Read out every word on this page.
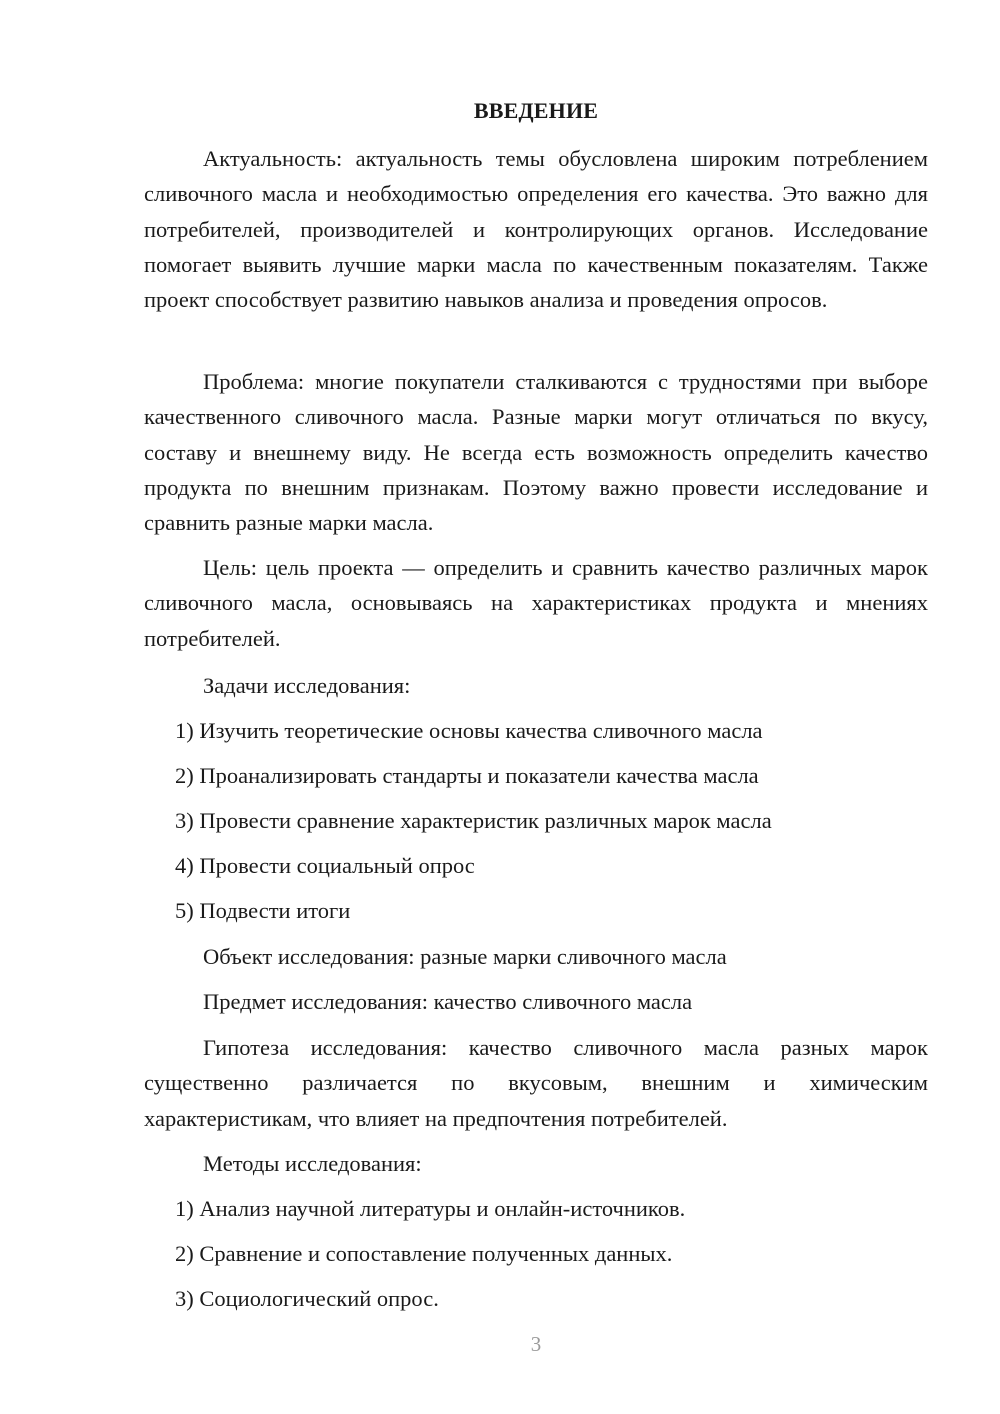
ВВЕДЕНИЕ

Актуальность: актуальность темы обусловлена широким потреблением сливочного масла и необходимостью определения его качества. Это важно для потребителей, производителей и контролирующих органов. Исследование помогает выявить лучшие марки масла по качественным показателям. Также проект способствует развитию навыков анализа и проведения опросов.

Проблема: многие покупатели сталкиваются с трудностями при выборе качественного сливочного масла. Разные марки могут отличаться по вкусу, составу и внешнему виду. Не всегда есть возможность определить качество продукта по внешним признакам. Поэтому важно провести исследование и сравнить разные марки масла.

Цель: цель проекта — определить и сравнить качество различных марок сливочного масла, основываясь на характеристиках продукта и мнениях потребителей.

Задачи исследования:

1) Изучить теоретические основы качества сливочного масла

2) Проанализировать стандарты и показатели качества масла

3) Провести сравнение характеристик различных марок масла

4) Провести социальный опрос

5) Подвести итоги

Объект исследования: разные марки сливочного масла

Предмет исследования: качество сливочного масла

Гипотеза исследования: качество сливочного масла разных марок существенно различается по вкусовым, внешним и химическим характеристикам, что влияет на предпочтения потребителей.

Методы исследования:

1) Анализ научной литературы и онлайн-источников.

2) Сравнение и сопоставление полученных данных.

3) Социологический опрос.

3
